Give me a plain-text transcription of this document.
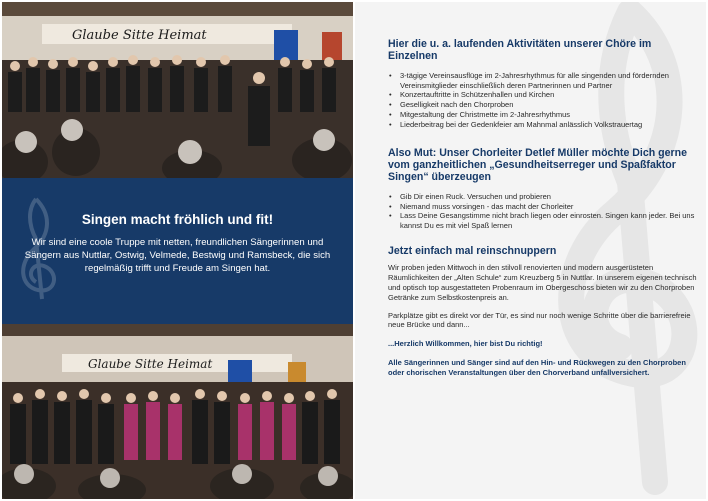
Glaube Sitte Heimat
Singen macht fröhlich und fit!
Wir sind eine coole Truppe mit netten, freundlichen Sängerinnen und Sängern aus Nuttlar, Ostwig, Velmede, Bestwig und Ramsbeck, die sich regelmäßig trifft und Freude am Singen hat.
Glaube Sitte Heimat
Hier die u. a. laufenden Aktivitäten unserer Chöre im Einzelnen
• 3-tägige Vereinsausflüge im 2-Jahresrhythmus für alle singenden und fördernden Vereinsmitglieder einschließlich deren Partnerinnen und Partner
• Konzertauftritte in Schützenhallen und Kirchen
• Geselligkeit nach den Chorproben
• Mitgestaltung der Christmette im 2-Jahresrhythmus
• Liederbeitrag bei der Gedenkfeier am Mahnmal anlässlich Volkstrauertag
Also Mut: Unser Chorleiter Detlef Müller möchte Dich gerne vom ganzheitlichen „Gesundheitserreger und Spaßfaktor Singen“ überzeugen
• Gib Dir einen Ruck. Versuchen und probieren
• Niemand muss vorsingen - das macht der Chorleiter
• Lass Deine Gesangstimme nicht brach liegen oder einrosten. Singen kann jeder. Bei uns kannst Du es mit viel Spaß lernen
Jetzt einfach mal reinschnuppern

Wir proben jeden Mittwoch in den stilvoll renovierten und modern ausgerüsteten Räumlichkeiten der „Alten Schule“ zum Kreuzberg 5 in Nuttlar. In unserem eigenen technisch und optisch top ausgestatteten Probenraum im Obergeschoss bieten wir zu den Chorproben Getränke zum Selbstkostenpreis an.

Parkplätze gibt es direkt vor der Tür, es sind nur noch wenige Schritte über die barrierefreie neue Brücke und dann...

...Herzlich Willkommen, hier bist Du richtig!

Alle Sängerinnen und Sänger sind auf den Hin- und Rückwegen zu den Chorproben oder chorischen Veranstaltungen über den Chorverband unfallversichert.
